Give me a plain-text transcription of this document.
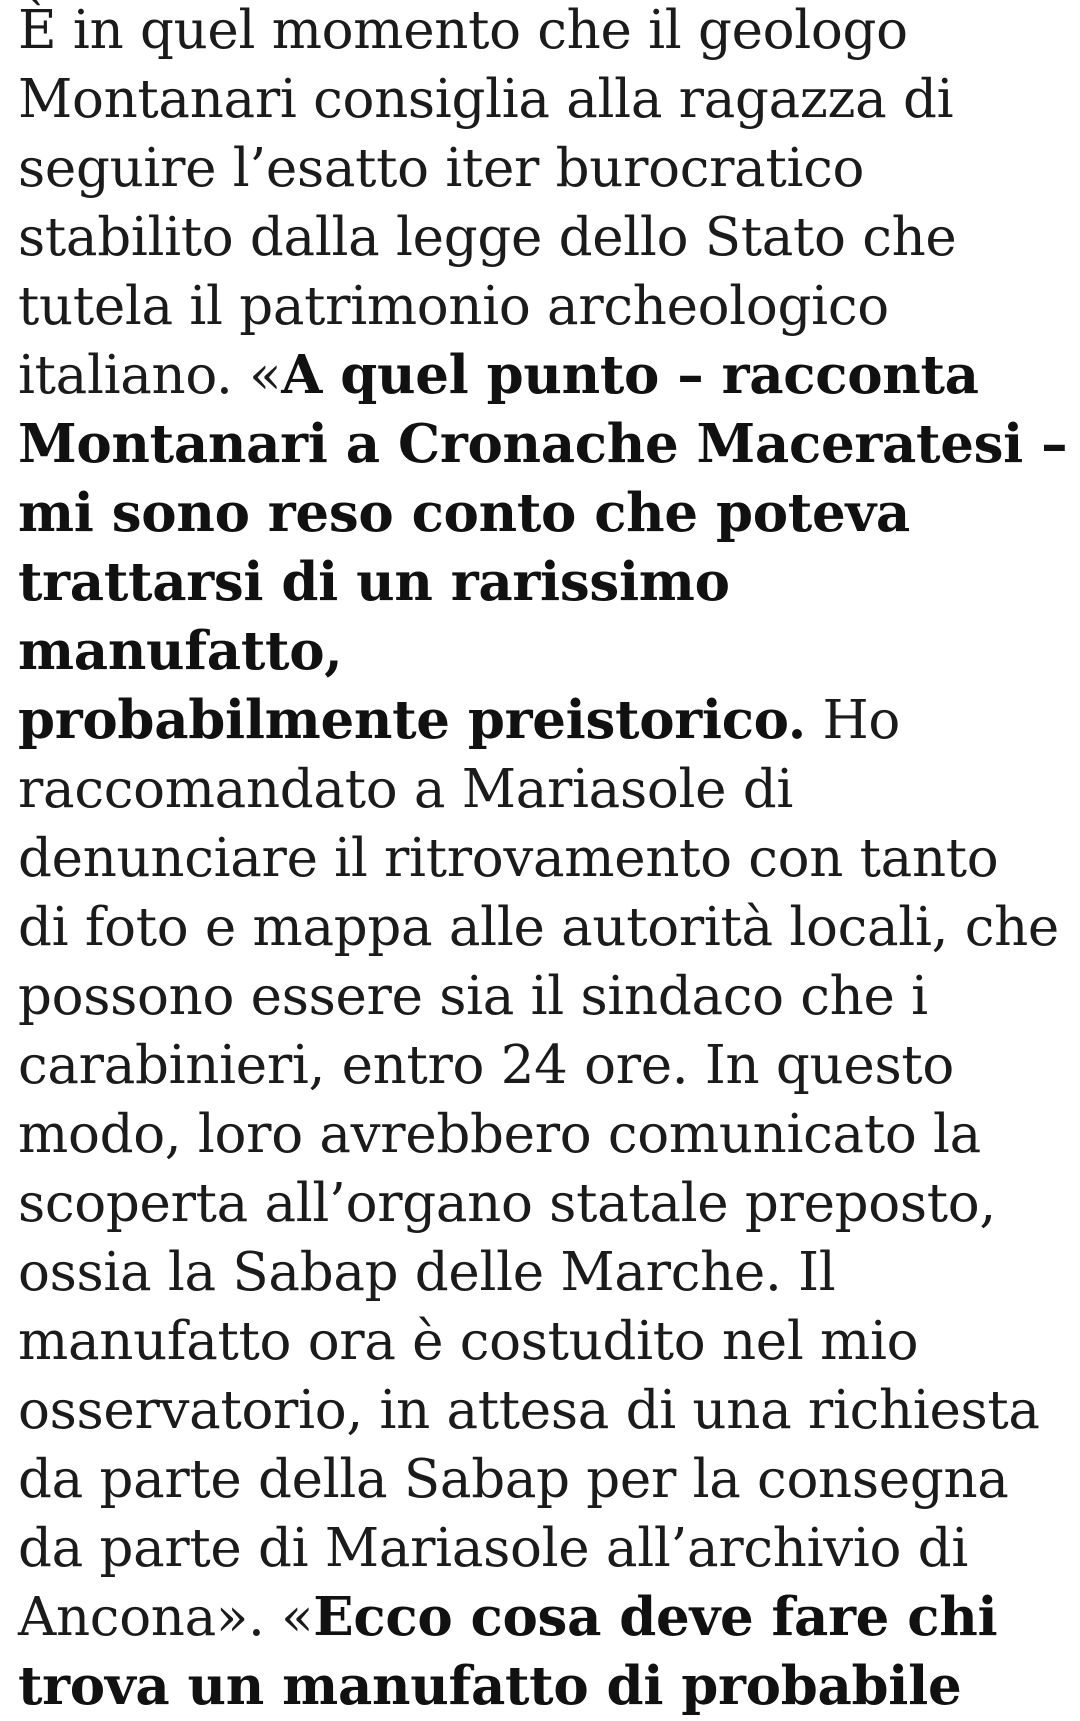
È in quel momento che il geologo
Montanari consiglia alla ragazza di
seguire l’esatto iter burocratico
stabilito dalla legge dello Stato che
tutela il patrimonio archeologico
italiano. «A quel punto – racconta
Montanari a Cronache Maceratesi –
mi sono reso conto che poteva
trattarsi di un rarissimo manufatto,
probabilmente preistorico. Ho
raccomandato a Mariasole di
denunciare il ritrovamento con tanto
di foto e mappa alle autorità locali, che
possono essere sia il sindaco che i
carabinieri, entro 24 ore. In questo
modo, loro avrebbero comunicato la
scoperta all’organo statale preposto,
ossia la Sabap delle Marche. Il
manufatto ora è costudito nel mio
osservatorio, in attesa di una richiesta
da parte della Sabap per la consegna
da parte di Mariasole all’archivio di
Ancona». «Ecco cosa deve fare chi
trova un manufatto di probabile
